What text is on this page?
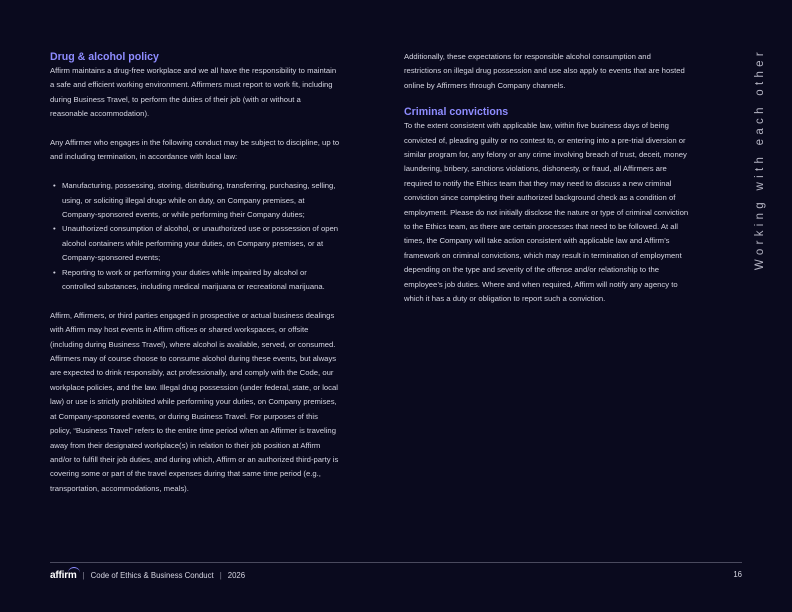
Drug & alcohol policy

Affirm maintains a drug-free workplace and we all have the responsibility to maintain a safe and efficient working environment. Affirmers must report to work fit, including during Business Travel, to perform the duties of their job (with or without a reasonable accommodation).

Any Affirmer who engages in the following conduct may be subject to discipline, up to and including termination, in accordance with local law:

• Manufacturing, possessing, storing, distributing, transferring, purchasing, selling, using, or soliciting illegal drugs while on duty, on Company premises, at Company-sponsored events, or while performing their Company duties;
• Unauthorized consumption of alcohol, or unauthorized use or possession of open alcohol containers while performing your duties, on Company premises, or at Company-sponsored events;
• Reporting to work or performing your duties while impaired by alcohol or controlled substances, including medical marijuana or recreational marijuana.

Affirm, Affirmers, or third parties engaged in prospective or actual business dealings with Affirm may host events in Affirm offices or shared workspaces, or offsite (including during Business Travel), where alcohol is available, served, or consumed. Affirmers may of course choose to consume alcohol during these events, but always are expected to drink responsibly, act professionally, and comply with the Code, our workplace policies, and the law. Illegal drug possession (under federal, state, or local law) or use is strictly prohibited while performing your duties, on Company premises, at Company-sponsored events, or during Business Travel. For purposes of this policy, “Business Travel” refers to the entire time period when an Affirmer is traveling away from their designated workplace(s) in relation to their job position at Affirm and/or to fulfill their job duties, and during which, Affirm or an authorized third-party is covering some or part of the travel expenses during that same time period (e.g., transportation, accommodations, meals).

Additionally, these expectations for responsible alcohol consumption and restrictions on illegal drug possession and use also apply to events that are hosted online by Affirmers through Company channels.

Criminal convictions

To the extent consistent with applicable law, within five business days of being convicted of, pleading guilty or no contest to, or entering into a pre-trial diversion or similar program for, any felony or any crime involving breach of trust, deceit, money laundering, bribery, sanctions violations, dishonesty, or fraud, all Affirmers are required to notify the Ethics team that they may need to discuss a new criminal conviction since completing their authorized background check as a condition of employment. Please do not initially disclose the nature or type of criminal conviction to the Ethics team, as there are certain processes that need to be followed. At all times, the Company will take action consistent with applicable law and Affirm’s framework on criminal convictions, which may result in termination of employment depending on the type and severity of the offense and/or relationship to the employee’s job duties. Where and when required, Affirm will notify any agency to which it has a duty or obligation to report such a conviction.

Working with each other
affirm | Code of Ethics & Business Conduct | 2026	16
